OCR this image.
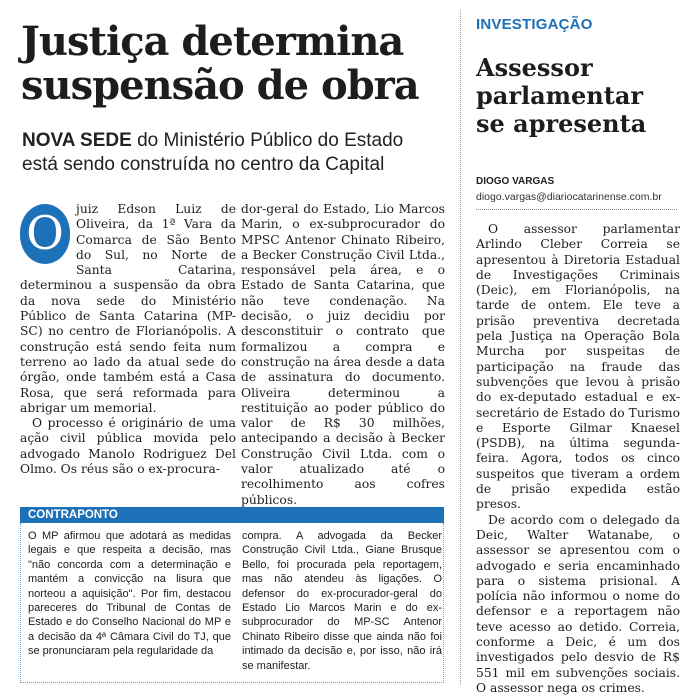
Justiça determina
suspensão de obra
NOVA SEDE do Ministério Público do Estado
está sendo construída no centro da Capital
O juiz Edson Luiz de Oliveira, da 1ª Vara da Comarca de São Bento do Sul, no Norte de Santa Catarina, determinou a suspensão da obra da nova sede do Ministério Público de Santa Catarina (MP-SC) no centro de Florianópolis. A construção está sendo feita num terreno ao lado da atual sede do órgão, onde também está a Casa Rosa, que será reformada para abrigar um memorial.

O processo é originário de uma ação civil pública movida pelo advogado Manolo Rodriguez Del Olmo. Os réus são o ex-procura-

dor-geral do Estado, Lio Marcos Marin, o ex-subprocurador do MPSC Antenor Chinato Ribeiro, a Becker Construção Civil Ltda., responsável pela área, e o Estado de Santa Catarina, que não teve condenação. Na decisão, o juiz decidiu por desconstituir o contrato que formalizou a compra e construção na área desde a data de assinatura do documento. Oliveira determinou a restituição ao poder público do valor de R$ 30 milhões, antecipando a decisão à Becker Construção Civil Ltda. com o valor atualizado até o recolhimento aos cofres públicos.

CONTRAPONTO
O MP afirmou que adotará as medidas legais e que respeita a decisão, mas "não concorda com a determinação e mantém a convicção na lisura que norteou a aquisição". Por fim, destacou pareceres do Tribunal de Contas de Estado e do Conselho Nacional do MP e a decisão da 4ª Câmara Civil do TJ, que se pronunciaram pela regularidade da
compra. A advogada da Becker Construção Civil Ltda., Giane Brusque Bello, foi procurada pela reportagem, mas não atendeu às ligações. O defensor do ex-procurador-geral do Estado Lio Marcos Marin e do ex-subprocurador do MP-SC Antenor Chinato Ribeiro disse que ainda não foi intimado da decisão e, por isso, não irá se manifestar.
INVESTIGAÇÃO
Assessor
parlamentar
se apresenta
DIOGO VARGAS
diogo.vargas@diariocatarinense.com.br

O assessor parlamentar Arlindo Cleber Correia se apresentou à Diretoria Estadual de Investigações Criminais (Deic), em Florianópolis, na tarde de ontem. Ele teve a prisão preventiva decretada pela Justiça na Operação Bola Murcha por suspeitas de participação na fraude das subvenções que levou à prisão do ex-deputado estadual e ex-secretário de Estado do Turismo e Esporte Gilmar Knaesel (PSDB), na última segunda-feira. Agora, todos os cinco suspeitos que tiveram a ordem de prisão expedida estão presos.

De acordo com o delegado da Deic, Walter Watanabe, o assessor se apresentou com o advogado e seria encaminhado para o sistema prisional. A polícia não informou o nome do defensor e a reportagem não teve acesso ao detido. Correia, conforme a Deic, é um dos investigados pelo desvio de R$ 551 mil em subvenções sociais. O assessor nega os crimes.
